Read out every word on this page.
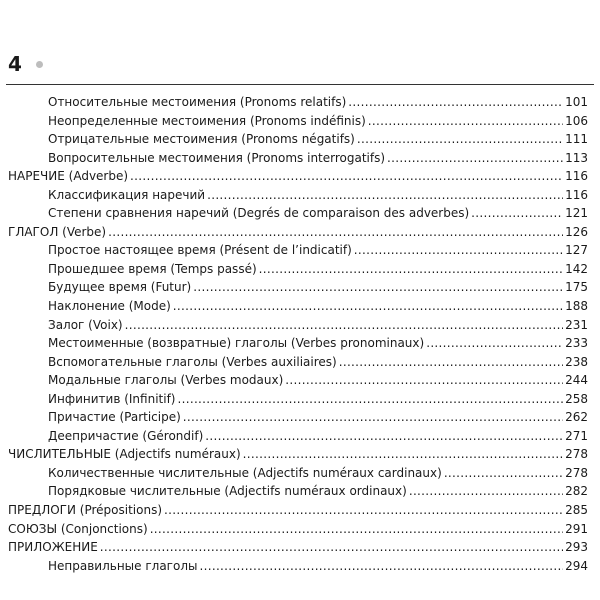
4
Относительные местоимения (Pronoms relatifs) .....	101
Неопределенные местоимения (Pronoms indéfinis) .....	106
Отрицательные местоимения (Pronoms négatifs) .....	111
Вопросительные местоимения (Pronoms interrogatifs) .....	113
НАРЕЧИЕ (Adverbe) .....	116
Классификация наречий .....	116
Степени сравнения наречий (Degrés de comparaison des adverbes) .....	121
ГЛАГОЛ (Verbe) .....	126
Простое настоящее время (Présent de l’indicatif) .....	127
Прошедшее время (Temps passé) .....	142
Будущее время (Futur) .....	175
Наклонение (Mode) .....	188
Залог (Voix) .....	231
Местоименные (возвратные) глаголы (Verbes pronominaux) .....	233
Вспомогательные глаголы (Verbes auxiliaires) .....	238
Модальные глаголы (Verbes modaux) .....	244
Инфинитив (Infinitif) .....	258
Причастие (Participe) .....	262
Деепричастие (Gérondif) .....	271
ЧИСЛИТЕЛЬНЫЕ (Adjectifs numéraux) .....	278
Количественные числительные (Adjectifs numéraux cardinaux) .....	278
Порядковые числительные (Adjectifs numéraux ordinaux) .....	282
ПРЕДЛОГИ (Prépositions) .....	285
СОЮЗЫ (Conjonctions) .....	291
ПРИЛОЖЕНИЕ .....	293
Неправильные глаголы .....	294
